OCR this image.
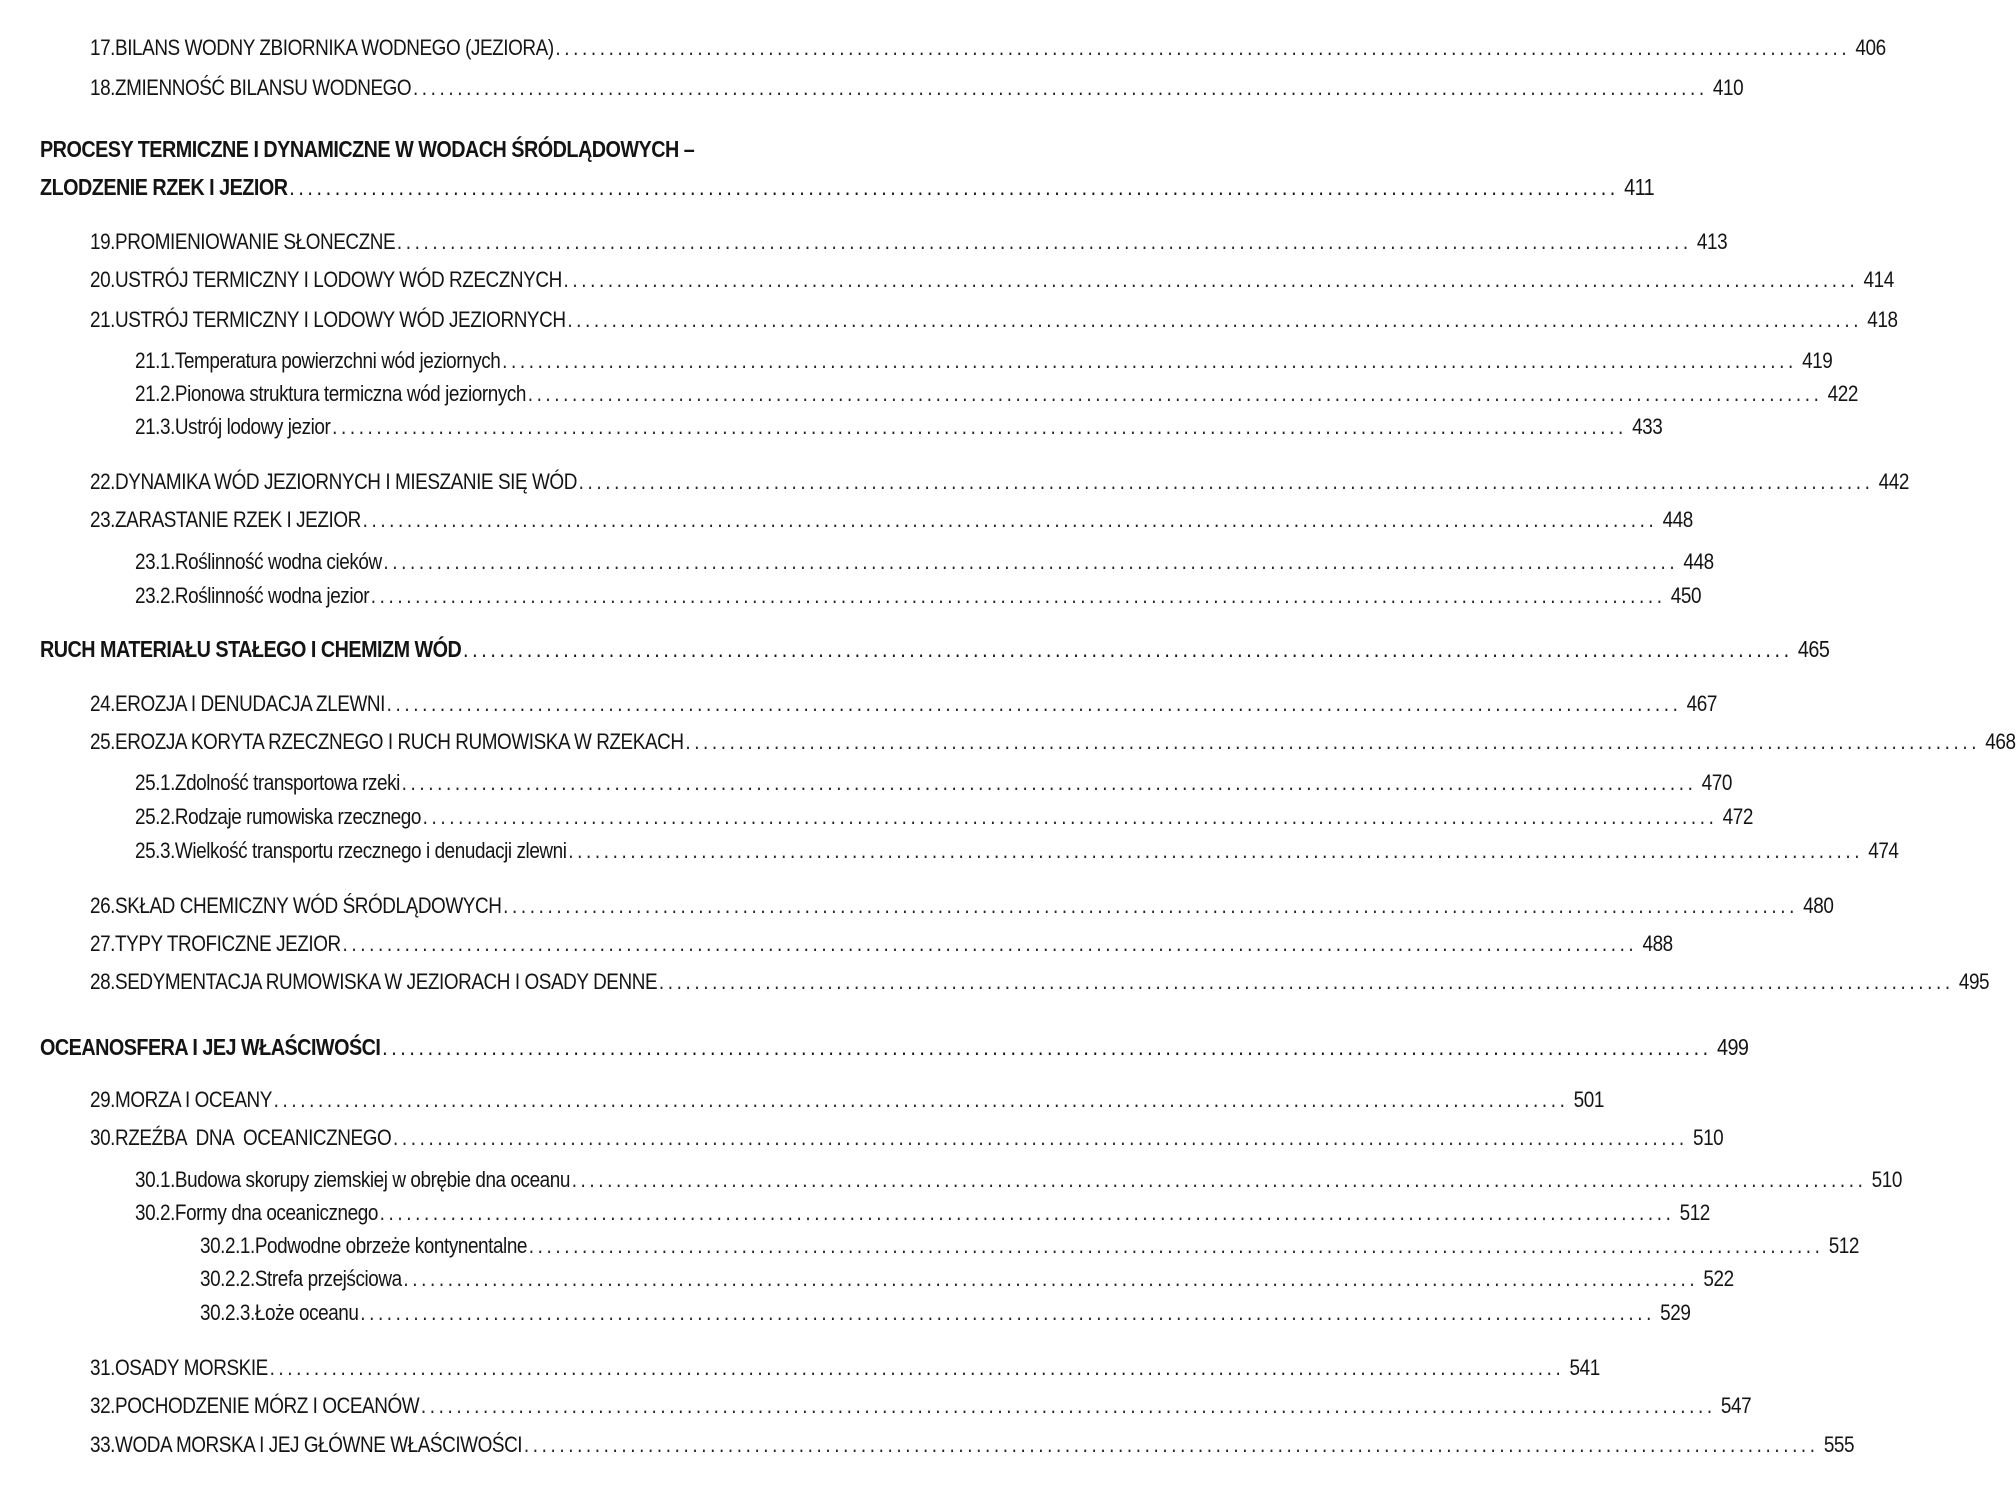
17. BILANS WODNY ZBIORNIKA WODNEGO (JEZIORA) .................................................................................................................................................. 406
18. ZMIENNOŚĆ BILANSU WODNEGO .................................................................................................................................................. 410
PROCESY TERMICZNE I DYNAMICZNE W WODACH ŚRÓDLĄDOWYCH –
ZLODZENIE RZEK I JEZIOR .................................................................................................................................................. 411
19. PROMIENIOWANIE SŁONECZNE .................................................................................................................................................. 413
20. USTRÓJ TERMICZNY I LODOWY WÓD RZECZNYCH .................................................................................................................................................. 414
21. USTRÓJ TERMICZNY I LODOWY WÓD JEZIORNYCH .................................................................................................................................................. 418
21.1. Temperatura powierzchni wód jeziornych .................................................................................................................................................. 419
21.2. Pionowa struktura termiczna wód jeziornych .................................................................................................................................................. 422
21.3. Ustrój lodowy jezior .................................................................................................................................................. 433
22. DYNAMIKA WÓD JEZIORNYCH I MIESZANIE SIĘ WÓD .................................................................................................................................................. 442
23. ZARASTANIE RZEK I JEZIOR .................................................................................................................................................. 448
23.1. Roślinność wodna cieków .................................................................................................................................................. 448
23.2. Roślinność wodna jezior .................................................................................................................................................. 450
RUCH MATERIAŁU STAŁEGO I CHEMIZM WÓD .................................................................................................................................................. 465
24. EROZJA I DENUDACJA ZLEWNI .................................................................................................................................................. 467
25. EROZJA KORYTA RZECZNEGO I RUCH RUMOWISKA W RZEKACH .................................................................................................................................................. 468
25.1. Zdolność transportowa rzeki .................................................................................................................................................. 470
25.2. Rodzaje rumowiska rzecznego .................................................................................................................................................. 472
25.3. Wielkość transportu rzecznego i denudacji zlewni .................................................................................................................................................. 474
26. SKŁAD CHEMICZNY WÓD ŚRÓDLĄDOWYCH .................................................................................................................................................. 480
27. TYPY TROFICZNE JEZIOR .................................................................................................................................................. 488
28. SEDYMENTACJA RUMOWISKA W JEZIORACH I OSADY DENNE .................................................................................................................................................. 495
OCEANOSFERA I JEJ WŁAŚCIWOŚCI .................................................................................................................................................. 499
29. MORZA I OCEANY .................................................................................................................................................. 501
30. RZEŹBA  DNA  OCEANICZNEGO .................................................................................................................................................. 510
30.1. Budowa skorupy ziemskiej w obrębie dna oceanu .................................................................................................................................................. 510
30.2. Formy dna oceanicznego .................................................................................................................................................. 512
30.2.1. Podwodne obrzeże kontynentalne .................................................................................................................................................. 512
30.2.2. Strefa przejściowa .................................................................................................................................................. 522
30.2.3. Łoże oceanu .................................................................................................................................................. 529
31. OSADY MORSKIE .................................................................................................................................................. 541
32. POCHODZENIE MÓRZ I OCEANÓW .................................................................................................................................................. 547
33. WODA MORSKA I JEJ GŁÓWNE WŁAŚCIWOŚCI .................................................................................................................................................. 555
